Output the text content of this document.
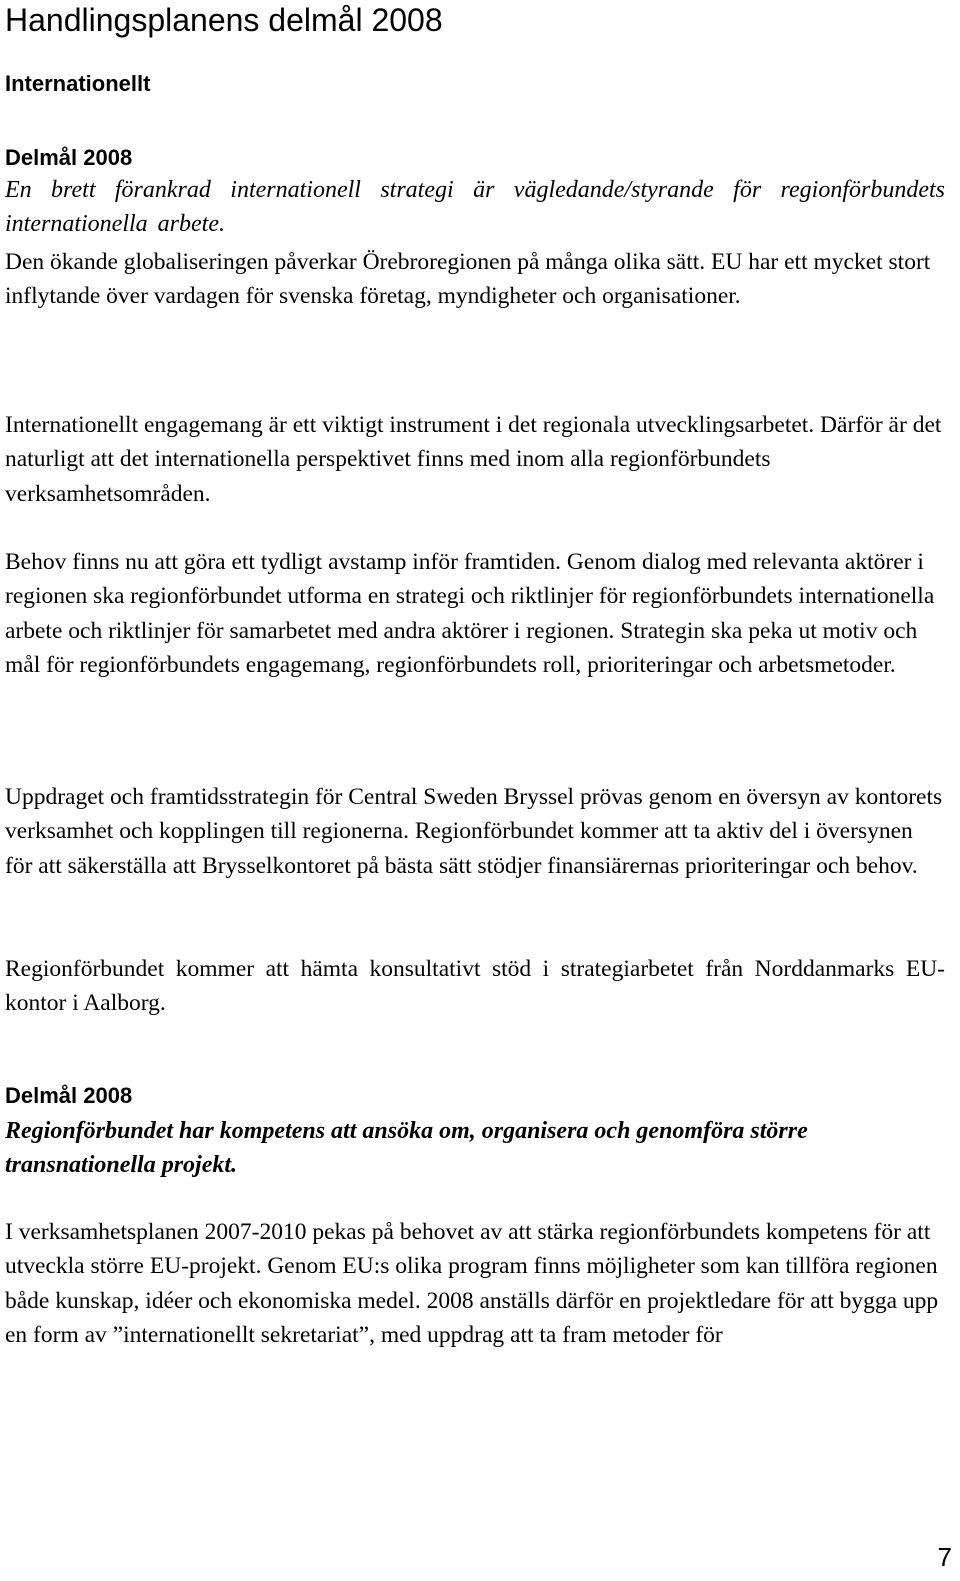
Handlingsplanens delmål 2008

Internationellt

Delmål 2008

En brett förankrad internationell strategi är vägledande/styrande för regionförbundets internationella arbete.

Den ökande globaliseringen påverkar Örebroregionen på många olika sätt. EU har ett mycket stort inflytande över vardagen för svenska företag, myndigheter och organisationer.

Internationellt engagemang är ett viktigt instrument i det regionala utvecklingsarbetet. Därför är det naturligt att det internationella perspektivet finns med inom alla regionförbundets verksamhetsområden.

Behov finns nu att göra ett tydligt avstamp inför framtiden. Genom dialog med relevanta aktörer i regionen ska regionförbundet utforma en strategi och riktlinjer för regionförbundets internationella arbete och riktlinjer för samarbetet med andra aktörer i regionen. Strategin ska peka ut motiv och mål för regionförbundets engagemang, regionförbundets roll, prioriteringar och arbetsmetoder.

Uppdraget och framtidsstrategin för Central Sweden Bryssel prövas genom en översyn av kontorets verksamhet och kopplingen till regionerna. Regionförbundet kommer att ta aktiv del i översynen för att säkerställa att Brysselkontoret på bästa sätt stödjer finansiärernas prioriteringar och behov.

Regionförbundet kommer att hämta konsultativt stöd i strategiarbetet från Norddanmarks EU-kontor i Aalborg.

Delmål 2008

Regionförbundet har kompetens att ansöka om, organisera och genomföra större transnationella projekt.

I verksamhetsplanen 2007-2010 pekas på behovet av att stärka regionförbundets kompetens för att utveckla större EU-projekt. Genom EU:s olika program finns möjligheter som kan tillföra regionen både kunskap, idéer och ekonomiska medel. 2008 anställs därför en projektledare för att bygga upp en form av ”internationellt sekretariat”, med uppdrag att ta fram metoder för

7
